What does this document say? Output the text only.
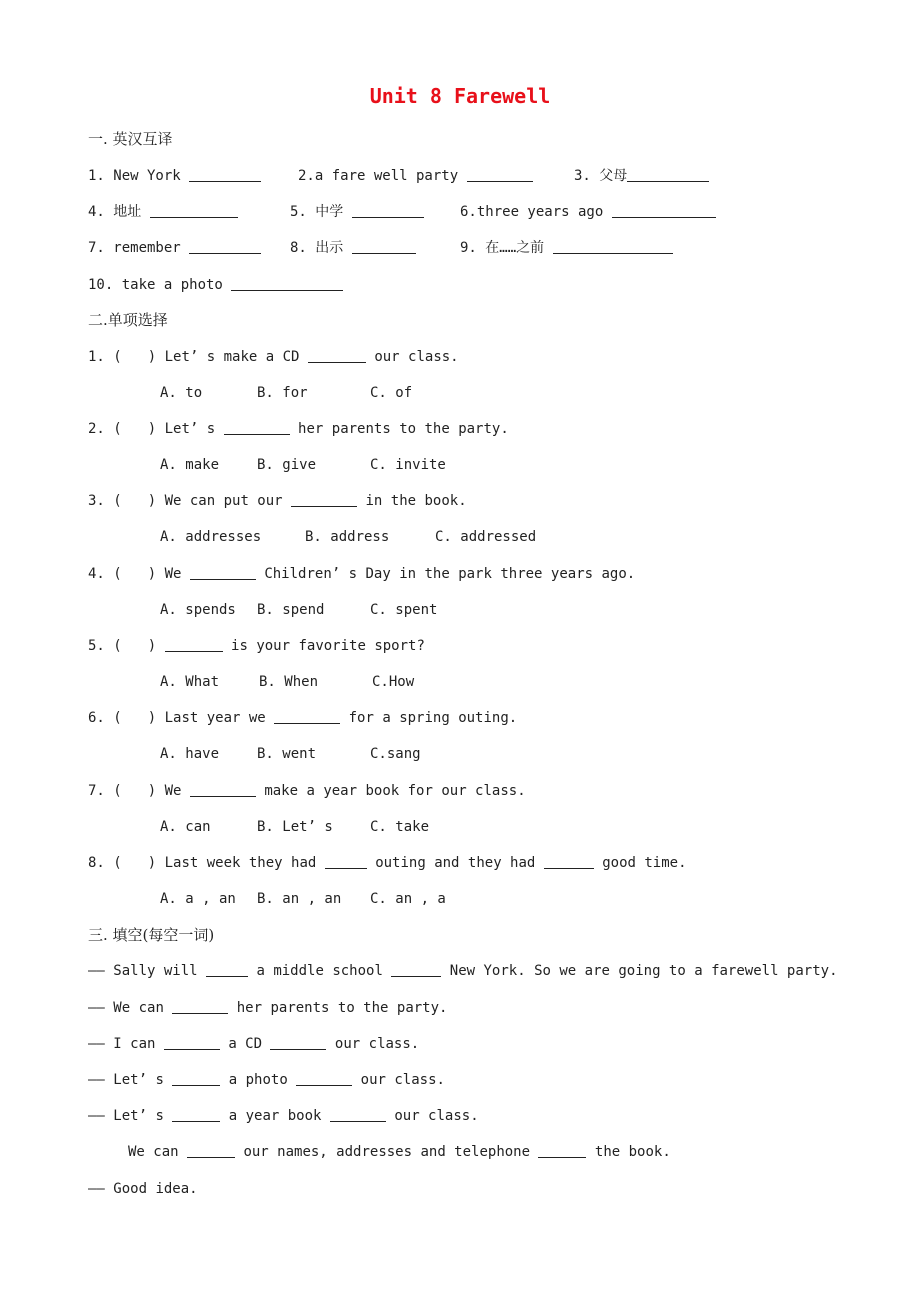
Unit 8 Farewell
一. 英汉互译
1. New York	2.a fare well party	3. 父母
4. 地址	5. 中学	6.three years ago
7. remember	8. 出示	9. 在……之前
10. take a photo
二.单项选择
1. ( ) Let’ s make a CD	our class.
A. to	B. for	C. of
2. ( ) Let’ s	her parents to the party.
A. make	B. give	C. invite
3. ( ) We can put our	in the book.
A. addresses	B. address	C. addressed
4. ( ) We	Children’ s Day in the park three years ago.
A. spends B. spend	C. spent
5. ( )	is your favorite sport?
A. What	B. When	C.How
6. ( ) Last year we	for a spring outing.
A. have	B. went	C.sang
7. ( ) We	make a year book for our class.
A. can	B. Let’ s	C. take
8. ( ) Last week they had	outing and they had	good time.
A. a , an B. an , an C. an , a
三. 填空(每空一词)
—— Sally will	a middle school	New York. So we are going to a farewell party.
—— We can	her parents to the party.
—— I can	a CD	our class.
—— Let’ s	a photo	our class.
—— Let’ s	a year book	our class.
We can	our names, addresses and telephone	the book.
—— Good idea.
